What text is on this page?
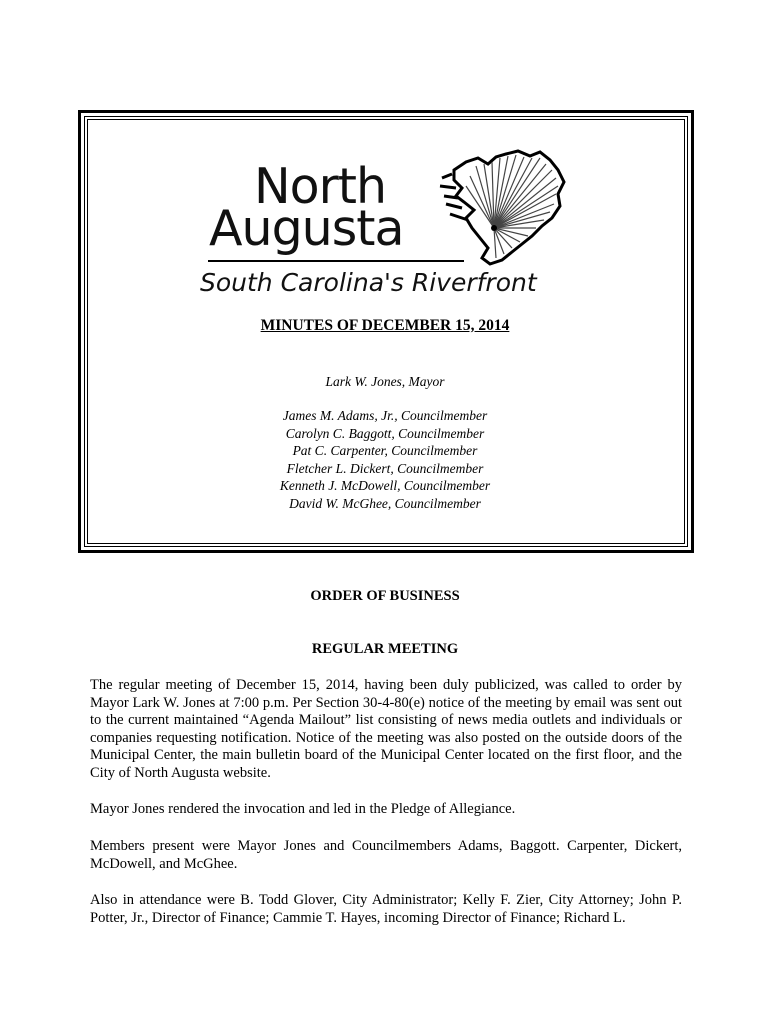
North
Augusta
South Carolina's Riverfront
MINUTES OF DECEMBER 15, 2014
Lark W. Jones, Mayor
James M. Adams, Jr., Councilmember
Carolyn C. Baggott, Councilmember
Pat C. Carpenter, Councilmember
Fletcher L. Dickert, Councilmember
Kenneth J. McDowell, Councilmember
David W. McGhee, Councilmember
ORDER OF BUSINESS
REGULAR MEETING
The regular meeting of December 15, 2014, having been duly publicized, was called to order by Mayor Lark W. Jones at 7:00 p.m. Per Section 30-4-80(e) notice of the meeting by email was sent out to the current maintained “Agenda Mailout” list consisting of news media outlets and individuals or companies requesting notification. Notice of the meeting was also posted on the outside doors of the Municipal Center, the main bulletin board of the Municipal Center located on the first floor, and the City of North Augusta website.
Mayor Jones rendered the invocation and led in the Pledge of Allegiance.
Members present were Mayor Jones and Councilmembers Adams, Baggott. Carpenter, Dickert, McDowell, and McGhee.
Also in attendance were B. Todd Glover, City Administrator; Kelly F. Zier, City Attorney; John P. Potter, Jr., Director of Finance; Cammie T. Hayes, incoming Director of Finance; Richard L.
